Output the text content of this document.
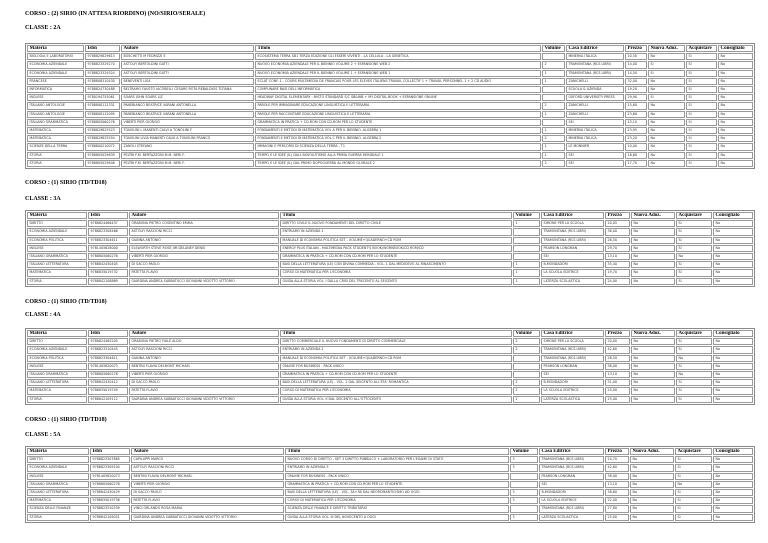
CORSO : (2) SIRIO (IN ATTESA RIORDINO) (NO/SIRIO/SERALE)
CLASSE : 2A
Materia	Isbn	Autore	Titolo	Volume	Casa Editrice	Prezzo	Nuova Adoz.	Acquistare	Consigliato
BIOLOGIA E LABORATORIO	9788829829613	BOSCHETTI M FEDRIZZI E	ECOSISTEMA TERRA SB1 TERZA EDIZIONE GLI ESSERI VIVENTI - LA CELLULA - LA GENETICA		MINERVA ITALICA	10,50	No	Si	No
ECONOMIA AZIENDALE	9788823329270	ASTOLFI BERTOLDINI GATTI	NUOVO ECONOMIA AZIENDALE PER IL BIENNIO VOLUME 2 + ESPANSIONE WEB 2	2	TRAMONTANA (RCS LIBRI)	14,00	Si	Si	No
ECONOMIA AZIENDALE	9788823329324	ASTOLFI BERTOLDINI GATTI	NUOVO ECONOMIA AZIENDALE PER IL BIENNIO VOLUME 1 + ESPANSIONE WEB 1	1	TRAMONTANA (RCS LIBRI)	14,50	Si	Si	No
FRANCESE	9788808310430	BENEVENTI LISA	ECLAT CONF. 1 - COURS MULTIMEDIA DE FRANCAIS POUR LES ELEVES ITALIENS TRAVAIL COLLECTIF 1 + TRAVAIL PERSONNEL 1 + 2 CD AUDIO	1	ZANICHELLI	32,00	No	Si	No
INFORMATICA	9788824730488	BELTRAMO FAUSTO IACOBELLI CESARE ROTA REBALDIOS TIZIANA	COMPUNARE BASI DELL'INFORMATICA		SCUOLA & AZIENDA	19,20	No	Si	No
INGLESE	9780194755061	SOARS JOHN SOARS LIZ	HEADWAY DIGITAL ELEMENTARY : MISTO STANDARD S/C SB&WB + MY DIGITAL BOOK + ESPANSIONE ONLINE		OXFORD UNIVERSITY PRESS	29,90	Si	Si	No
ITALIANO ANTOLOGIE	9788808112331	PANEBIANCO BEATRICE VARANI ANTONELLA	PAROLE PER IMMAGINARE EDUCAZIONE LINGUISTICA E LETTERARIA	2	ZANICHELLI	15,60	No	Si	No
ITALIANO ANTOLOGIE	9788808112095	PANEBIANCO BEATRICE VARANI ANTONELLA	PAROLE PER RACCONTARE EDUCAZIONE LINGUISTICA E LETTERARIA	1	ZANICHELLI	23,60	No	Si	No
ITALIANO GRAMMATICA	9788805060276	VIBERTI PIER GIORGIO	GRAMMATICA IN PRATICA + CD-ROM CON CD-ROM PER LO STUDENTE		SEI	13,10	No	Si	No
MATEMATICA	9788829825523	TONOLINI L MANENTI CALVI A TONOLINI F	FONDAMENTI E METODI DI MATEMATICA VOL A PER IL BIENNIO. ALGEBRA 1	1	MINERVA ITALICA	23,95	No	Si	No
MATEMATICA	9788829825554	TONOLINI LIVIA MANENTI CALVI A TONOLINI FRANCO	FONDAMENTI E METODI DI MATEMATICA VOL C PER IL BIENNIO. ALGEBRA 2	2	MINERVA ITALICA	23,20	No	Si	No
SCIENZE DELLA TERRA	9788800210072	ZANOLI STEFANO	IMMAGINI E PERCORSI DI SCIENZA DELLA TERRA - T1	1	LE MONNIER	10,00	No	Si	No
STORIA	9788805029839	PELTRI F.M. BERTAZZONI M.M. NERI F.	TEMPO E LE IDEE (IL) DALL'ASSOLUTISMO ALLA PRIMA GUERRA MONDIALE 1	1	SEI	16,60	No	Si	No
STORIA	9788805029846	PELTRI F.M. BERTAZZONI M.M. NERI F.	TEMPO E LE IDEE (IL) DAL PRIMO DOPOGUERRA AL MONDO GLOBALE 2	2	SEI	17,70	No	Si	No
CORSO : (1) SIRIO (TD/TD18)
CLASSE : 3A
Materia	Isbn	Autore	Titolo	Volume	Casa Editrice	Prezzo	Nuova Adoz.	Acquistare	Consigliato
DIRITTO	9788824466437	ORABONA PIETRO COSENTINO EMMA	DIRITTO CIVILE IL NUOVO FONDAMENTI DEL DIRITTO CIVILE	1	SIMONE PER LA SCUOLA	20,05	No	Si	No
ECONOMIA AZIENDALE	9788823308466	ASTOLFI RASCIONI RICCI	ENTRIAMO IN AZIENDA 1		TRAMONTANA (RCS LIBRI)	36,00	No	Si	No
ECONOMIA POLITICA	9788823304611	GIANNA ANTONIO	MANUALE DI ECONOMIA POLITICA SET - VOLUME+QUADERNO+CD ROM		TRAMONTANA (RCS LIBRI)	26,50	No	Si	No
INGLESE	9781405828000	ELSWORTH STEVE ROSE JIM DELANEY DENIS	ENERGY PLUS ITALIAN - MULTIMEDIA PACK STUDENT'S BOOK/WORKBOOK/CD ROM/CD		PEARSON LONGMAN	29,70	No	Si	No
ITALIANO GRAMMATICA	9788805060276	VIBERTI PIER GIORGIO	GRAMMATICA IN PRATICA + CD-ROM CON CD-ROM PER LO STUDENTE		SEI	13,10	No	No	No
ITALIANO LETTERATURA	9788842430405	DI SACCO PAOLO	BASI DELLA LETTERATURA (LE) CON DIVINA COMMEDIA - VOL. 1 DAL MEDIOEVO AL RINASCIMENTO	1	B.MONDADORI	35,40	No	Si	No
MATEMATICA	9788835019732	PATETTA FLAVIO	CORSO DI MATEMATICA PER L'ECONOMIA	1	LA SCUOLA EDITRICE	19,70	No	Si	No
STORIA	9788842108869	GIARDINA ANDREA SABBATUCCI GIOVANNI VIDOTTO VITTORIO	GUIDA ALLA STORIA VOL. I DALLA CRISI DEL TRECENTO AL SEICENTO	1	LATERZA SCOLASTICA	24,00	No	Si	No
CORSO : (1) SIRIO (TD/TD18)
CLASSE : 4A
Materia	Isbn	Autore	Titolo	Volume	Casa Editrice	Prezzo	Nuova Adoz.	Acquistare	Consigliato
DIRITTO	9788824465205	ORABONA PIETRO FIALE ALDO	DIRITTO COMMERCIALE IL NUOVO FONDAMENTI DI DIRITTO COMMERCIALE	2	SIMONE PER LA SCUOLA	20,00	No	Si	No
ECONOMIA AZIENDALE	9788823310445	ASTOLFI RASCIONI RICCI	ENTRIAMO IN AZIENDA 2	2	TRAMONTANA (RCS LIBRI)	42,60	No	Si	No
ECONOMIA POLITICA	9788823304611	GIANNA ANTONIO	MANUALE DI ECONOMIA POLITICA SET - VOLUME+QUADERNO+CD ROM		TRAMONTANA (RCS LIBRI)	26,50	No	No	No
INGLESE	9781405820073	BENTINI FLAVIA DELMONT MICHAEL	ONLINE FOR BUSINESS - PACK UNICO		PEARSON LONGMAN	38,00	No	Si	No
ITALIANO GRAMMATICA	9788805060276	VIBERTI PIER GIORGIO	GRAMMATICA IN PRATICA + CD-ROM CON CD-ROM PER LO STUDENTE		SEI	13,10	No	No	No
ITALIANO LETTERATURA	9788842430412	DI SACCO PAOLO	BASI DELLA LETTERATURA (LE) - VOL. 2 DAL SEICENTO ALL'ETA' ROMANTICA	2	B.MONDADORI	31,00	No	Si	No
MATEMATICA	9788835019749	PATETTA FLAVIO	CORSO DI MATEMATICA PER L'ECONOMIA	2	LA SCUOLA EDITRICE	24,00	No	Si	No
STORIA	9788842109112	GIARDINA ANDREA SABBATUCCI GIOVANNI VIDOTTO VITTORIO	GUIDA ALLA STORIA VOL. II DAL SEICENTO ALL'OTTOCENTO	2	LATERZA SCOLASTICA	25,00	No	Si	No
CORSO : (1) SIRIO (TD/TD18)
CLASSE : 5A
Materia	Isbn	Autore	Titolo	Volume	Casa Editrice	Prezzo	Nuova Adoz.	Acquistare	Consigliato
DIRITTO	9788823307865	CAPILUPPI MARCO	NUOVO CORSO DI DIRITTO - SET 3 DIRITTO PUBBLICO + LABORATORIO PER L'ESAME DI STATO	3	TRAMONTANA (RCS LIBRI)	24,70	No	Si	No
ECONOMIA AZIENDALE	9788823309104	ASTOLFI RASCIONI RICCI	ENTRIAMO IN AZIENDA 3	3	TRAMONTANA (RCS LIBRI)	42,60	No	Si	No
INGLESE	9781405820073	BENTINI FLAVIA DELMONT MICHAEL	ONLINE FOR BUSINESS - PACK UNICO		PEARSON LONGMAN	38,00	No	Si	No
ITALIANO GRAMMATICA	9788805060276	VIBERTI PIER GIORGIO	GRAMMATICA IN PRATICA + CD-ROM CON CD-ROM PER LO STUDENTE		SEI	13,10	No	No	No
ITALIANO LETTERATURA	9788842430429	DI SACCO PAOLO	BASI DELLA LETTERATURA (LE) - VOL. 3A+3B DAL NEOROMANTICISMO AD OGGI	3	B.MONDADORI	38,60	No	Si	No
MATEMATICA	9788835019756	PATETTA FLAVIO	CORSO DI MATEMATICA PER L'ECONOMIA	3	LA SCUOLA EDITRICE	22,00	No	Si	No
SCIENZA DELLE FINANZE	9788823310339	VINCI ORLANDO ROSA MARIA	SCIENZA DELLE FINANZE E DIRITTO TRIBUTARIO		TRAMONTANA (RCS LIBRI)	27,80	No	Si	No
STORIA	9788842109051	GIARDINA ANDREA SABBATUCCI GIOVANNI VIDOTTO VITTORIO	GUIDA ALLA STORIA VOL. III DEL NOVECENTO A OGGI	3	LATERZA SCOLASTICA	25,00	No	Si	No
